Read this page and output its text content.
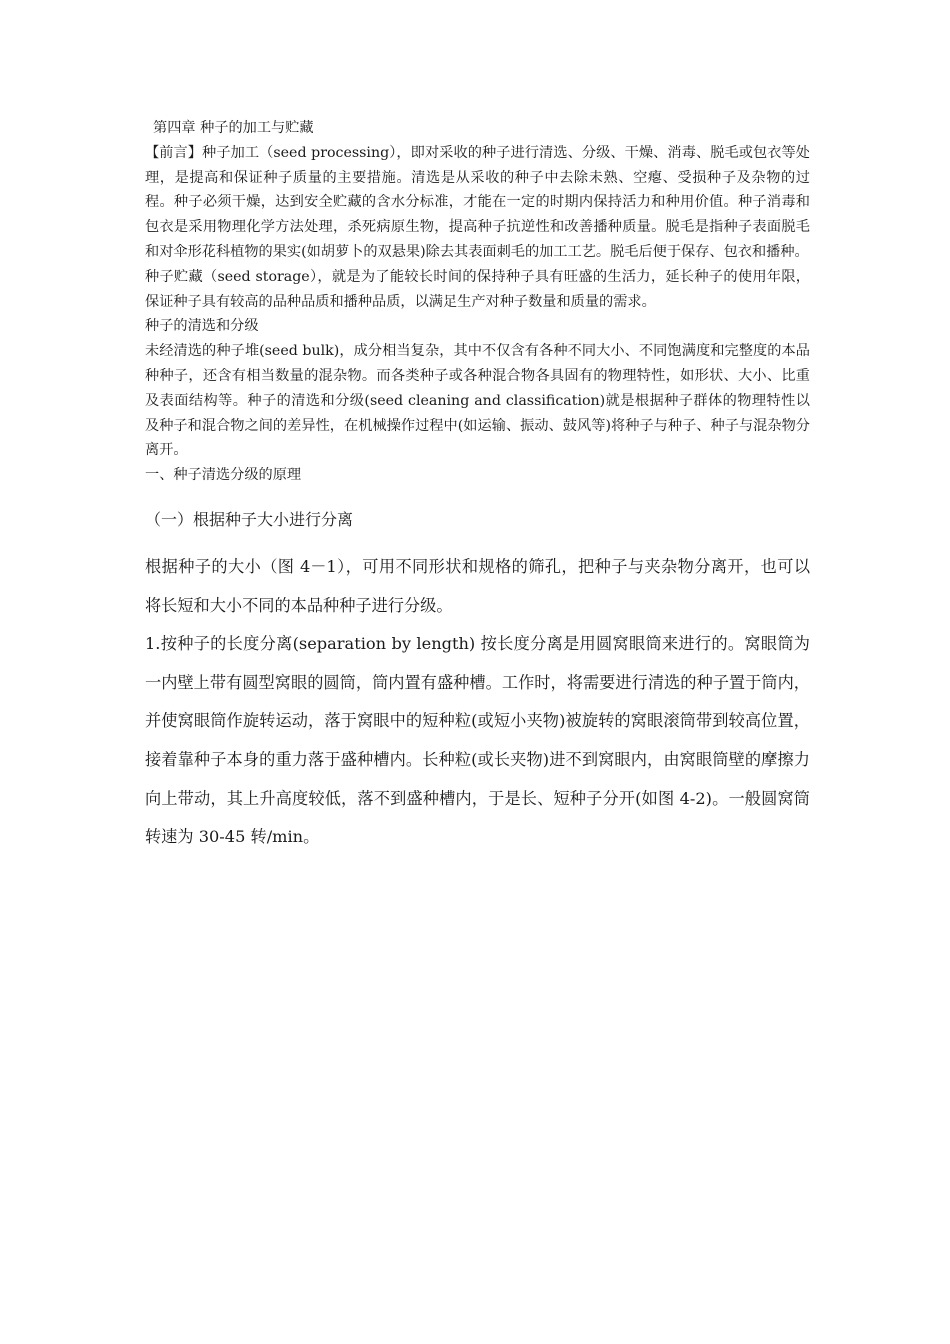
第四章 种子的加工与贮藏

【前言】种子加工（seed processing），即对采收的种子进行清选、分级、干燥、消毒、脱毛或包衣等处理，是提高和保证种子质量的主要措施。清选是从采收的种子中去除未熟、空瘪、受损种子及杂物的过程。种子必须干燥，达到安全贮藏的含水分标准，才能在一定的时期内保持活力和种用价值。种子消毒和包衣是采用物理化学方法处理，杀死病原生物，提高种子抗逆性和改善播种质量。脱毛是指种子表面脱毛和对伞形花科植物的果实(如胡萝卜的双悬果)除去其表面刺毛的加工工艺。脱毛后便于保存、包衣和播种。

种子贮藏（seed storage），就是为了能较长时间的保持种子具有旺盛的生活力，延长种子的使用年限，保证种子具有较高的品种品质和播种品质，以满足生产对种子数量和质量的需求。

种子的清选和分级

未经清选的种子堆(seed bulk)，成分相当复杂，其中不仅含有各种不同大小、不同饱满度和完整度的本品种种子，还含有相当数量的混杂物。而各类种子或各种混合物各具固有的物理特性，如形状、大小、比重及表面结构等。种子的清选和分级(seed cleaning and classification)就是根据种子群体的物理特性以及种子和混合物之间的差异性，在机械操作过程中(如运输、振动、鼓风等)将种子与种子、种子与混杂物分离开。

一、种子清选分级的原理

（一）根据种子大小进行分离

根据种子的大小（图 4－1），可用不同形状和规格的筛孔，把种子与夹杂物分离开，也可以将长短和大小不同的本品种种子进行分级。

1.按种子的长度分离(separation by length) 按长度分离是用圆窝眼筒来进行的。窝眼筒为一内壁上带有圆型窝眼的圆筒，筒内置有盛种槽。工作时，将需要进行清选的种子置于筒内，并使窝眼筒作旋转运动，落于窝眼中的短种粒(或短小夹物)被旋转的窝眼滚筒带到较高位置，接着靠种子本身的重力落于盛种槽内。长种粒(或长夹物)进不到窝眼内，由窝眼筒壁的摩擦力向上带动，其上升高度较低，落不到盛种槽内，于是长、短种子分开(如图 4-2)。一般圆窝筒转速为 30-45 转/min。
